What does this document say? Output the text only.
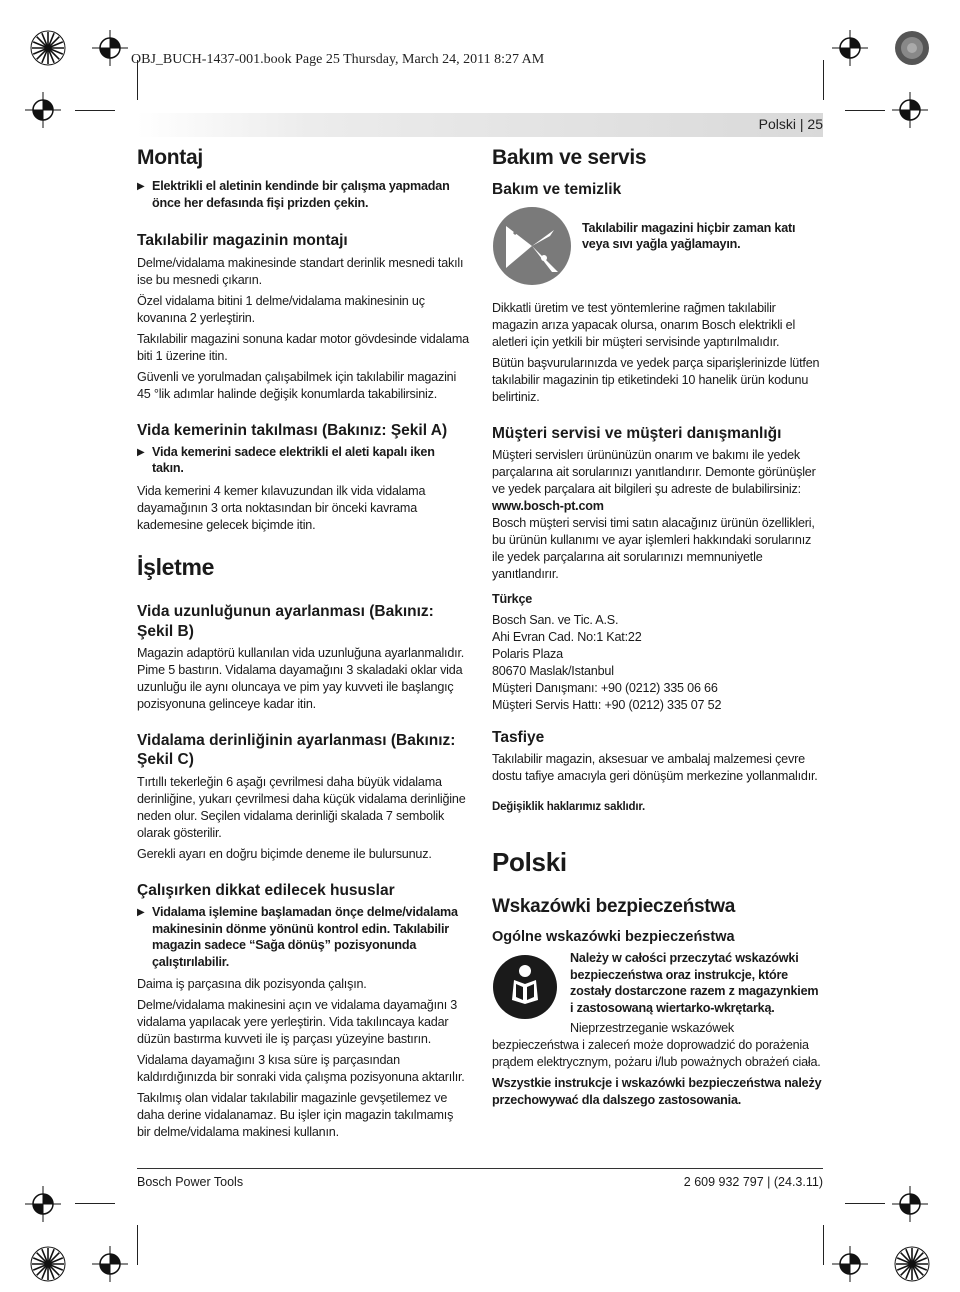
OBJ_BUCH-1437-001.book Page 25 Thursday, March 24, 2011 8:27 AM
Polski | 25
Montaj
▶ Elektrikli el aletinin kendinde bir çalışma yapmadan önce her defasında fişi prizden çekin.
Takılabilir magazinin montajı

Delme/vidalama makinesinde standart derinlik mesnedi takılı ise bu mesnedi çıkarın.

Özel vidalama bitini 1 delme/vidalama makinesinin uç kovanına 2 yerleştirin.

Takılabilir magazini sonuna kadar motor gövdesinde vidalama biti 1 üzerine itin.

Güvenli ve yorulmadan çalışabilmek için takılabilir magazini 45 °lik adımlar halinde değişik konumlarda takabilirsiniz.

Vida kemerinin takılması (Bakınız: Şekil A)
▶ Vida kemerini sadece elektrikli el aleti kapalı iken takın.

Vida kemerini 4 kemer kılavuzundan ilk vida vidalama dayamağının 3 orta noktasından bir önceki kavrama kademesine gelecek biçimde itin.

İşletme
Vida uzunluğunun ayarlanması (Bakınız: Şekil B)

Magazin adaptörü kullanılan vida uzunluğuna ayarlanmalıdır. Pime 5 bastırın. Vidalama dayamağını 3 skaladaki oklar vida uzunluğu ile aynı oluncaya ve pim yay kuvveti ile başlangıç pozisyonuna gelinceye kadar itin.

Vidalama derinliğinin ayarlanması (Bakınız: Şekil C)

Tırtıllı tekerleğin 6 aşağı çevrilmesi daha büyük vidalama derinliğine, yukarı çevrilmesi daha küçük vidalama derinliğine neden olur. Seçilen vidalama derinliği skalada 7 sembolik olarak gösterilir.

Gerekli ayarı en doğru biçimde deneme ile bulursunuz.

Çalışırken dikkat edilecek hususlar
▶ Vidalama işlemine başlamadan önçe delme/vidalama makinesinin dönme yönünü kontrol edin. Takılabilir magazin sadece “Sağa dönüş” pozisyonunda çalıştırılabilir.

Daima iş parçasına dik pozisyonda çalışın.

Delme/vidalama makinesini açın ve vidalama dayamağını 3 vidalama yapılacak yere yerleştirin. Vida takılıncaya kadar düzün bastırma kuvveti ile iş parçası yüzeyine bastırın.

Vidalama dayamağını 3 kısa süre iş parçasından kaldırdığınızda bir sonraki vida çalışma pozisyonuna aktarılır.

Takılmış olan vidalar takılabilir magazinle gevşetilemez ve daha derine vidalanamaz. Bu işler için magazin takılmamış bir delme/vidalama makinesi kullanın.

Bakım ve servis
Bakım ve temizlik
Takılabilir magazini hiçbir zaman katı veya sıvı yağla yağlamayın.

Dikkatli üretim ve test yöntemlerine rağmen takılabilir magazin arıza yapacak olursa, onarım Bosch elektrikli el aletleri için yetkili bir müşteri servisinde yaptırılmalıdır.

Bütün başvurularınızda ve yedek parça siparişlerinizde lütfen takılabilir magazinin tip etiketindeki 10 hanelik ürün kodunu belirtiniz.

Müşteri servisi ve müşteri danışmanlığı

Müşteri servislerı ürününüzün onarım ve bakımı ile yedek parçalarına ait sorularınızı yanıtlandırır. Demonte görünüşler ve yedek parçalara ait bilgileri şu adreste de bulabilirsiniz:

www.bosch-pt.com

Bosch müşteri servisi timi satın alacağınız ürünün özellikleri, bu ürünün kullanımı ve ayar işlemleri hakkındaki sorularınız ile yedek parçalarına ait sorularınızı memnuniyetle yanıtlandırır.

Türkçe

Bosch San. ve Tic. A.S.

Ahi Evran Cad. No:1 Kat:22

Polaris Plaza

80670 Maslak/Istanbul

Müşteri Danışmanı: +90 (0212) 335 06 66

Müşteri Servis Hattı: +90 (0212) 335 07 52

Tasfiye

Takılabilir magazin, aksesuar ve ambalaj malzemesi çevre dostu tafiye amacıyla geri dönüşüm merkezine yollanmalıdır.

Değişiklik haklarımız saklıdır.

Polski
Wskazówki bezpieczeństwa
Ogólne wskazówki bezpieczeństwa
Należy w całości przeczytać wskazówki bezpieczeństwa oraz instrukcje, które zostały dostarczone razem z magazynkiem i zastosowaną wiertarko-wkrętarką.

Nieprzestrzeganie wskazówek bezpieczeństwa i zaleceń może doprowadzić do porażenia prądem elektrycznym, pożaru i/lub poważnych obrażeń ciała.

Wszystkie instrukcje i wskazówki bezpieczeństwa należy przechowywać dla dalszego zastosowania.

Bosch Power Tools	2 609 932 797 | (24.3.11)
